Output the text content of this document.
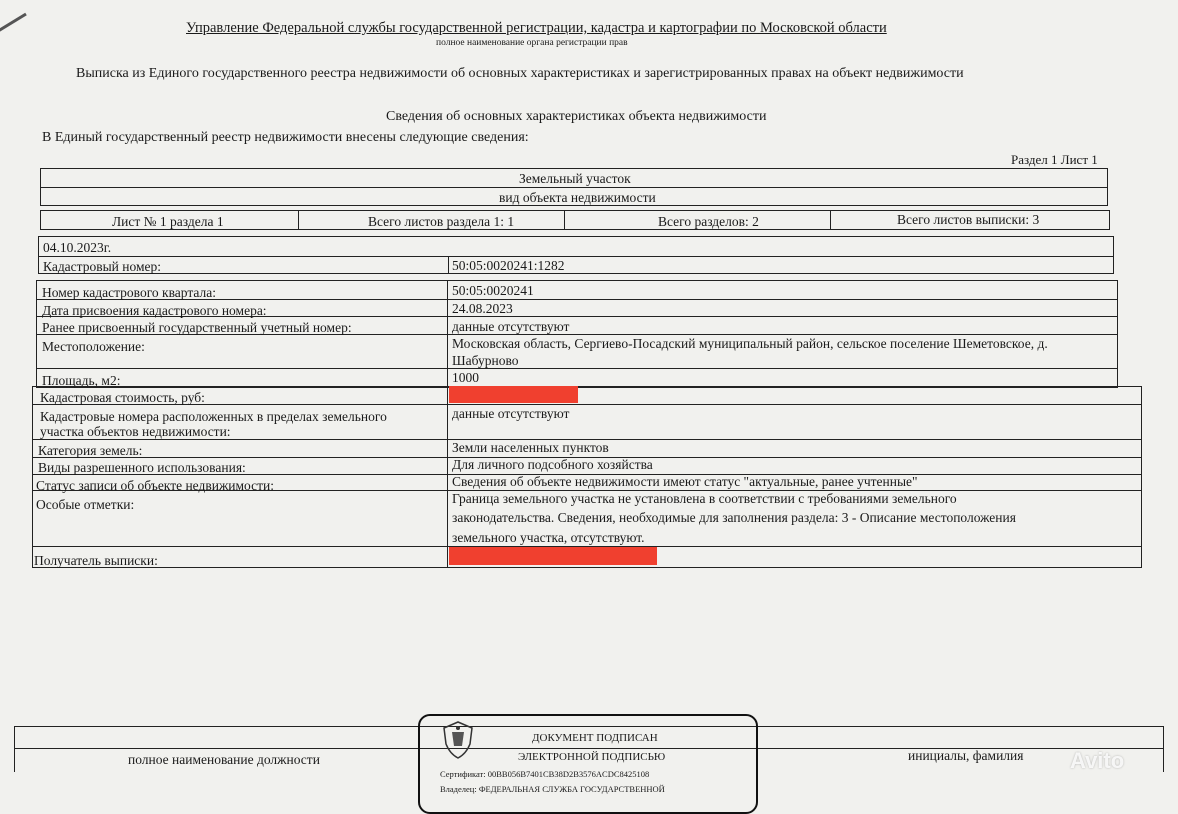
Управление Федеральной службы государственной регистрации, кадастра и картографии по Московской области
полное наименование органа регистрации прав
Выписка из Единого государственного реестра недвижимости об основных характеристиках и зарегистрированных правах на объект недвижимости
Сведения об основных характеристиках объекта недвижимости
В Единый государственный реестр недвижимости внесены следующие сведения:
Раздел 1 Лист 1
Земельный участок
вид объекта недвижимости
Лист № 1 раздела 1	Всего листов раздела 1: 1	Всего разделов: 2	Всего листов выписки: 3
04.10.2023г.
Кадастровый номер:	50:05:0020241:1282
Номер кадастрового квартала:	50:05:0020241
Дата присвоения кадастрового номера:	24.08.2023
Ранее присвоенный государственный учетный номер:	данные отсутствуют
Местоположение:	Московская область, Сергиево-Посадский муниципальный район, сельское поселение Шеметовское, д.
Шабурново
Площадь, м2:	1000
Кадастровая стоимость, руб:
Кадастровые номера расположенных в пределах земельного
участка объектов недвижимости:
данные отсутствуют
Категория земель:	Земли населенных пунктов
Виды разрешенного использования:	Для личного подсобного хозяйства
Статус записи об объекте недвижимости:	Сведения об объекте недвижимости имеют статус "актуальные, ранее учтенные"
Особые отметки:	Граница земельного участка не установлена в соответствии с требованиями земельного
законодательства. Сведения, необходимые для заполнения раздела: 3 - Описание местоположения
земельного участка, отсутствуют.
Получатель выписки:
полное наименование должности	инициалы, фамилия
ДОКУМЕНТ ПОДПИСАН
ЭЛЕКТРОННОЙ ПОДПИСЬЮ
Сертификат: 00BB056B7401CB38D2B3576ACDC8425108
Владелец: ФЕДЕРАЛЬНАЯ СЛУЖБА ГОСУДАРСТВЕННОЙ
Avito
